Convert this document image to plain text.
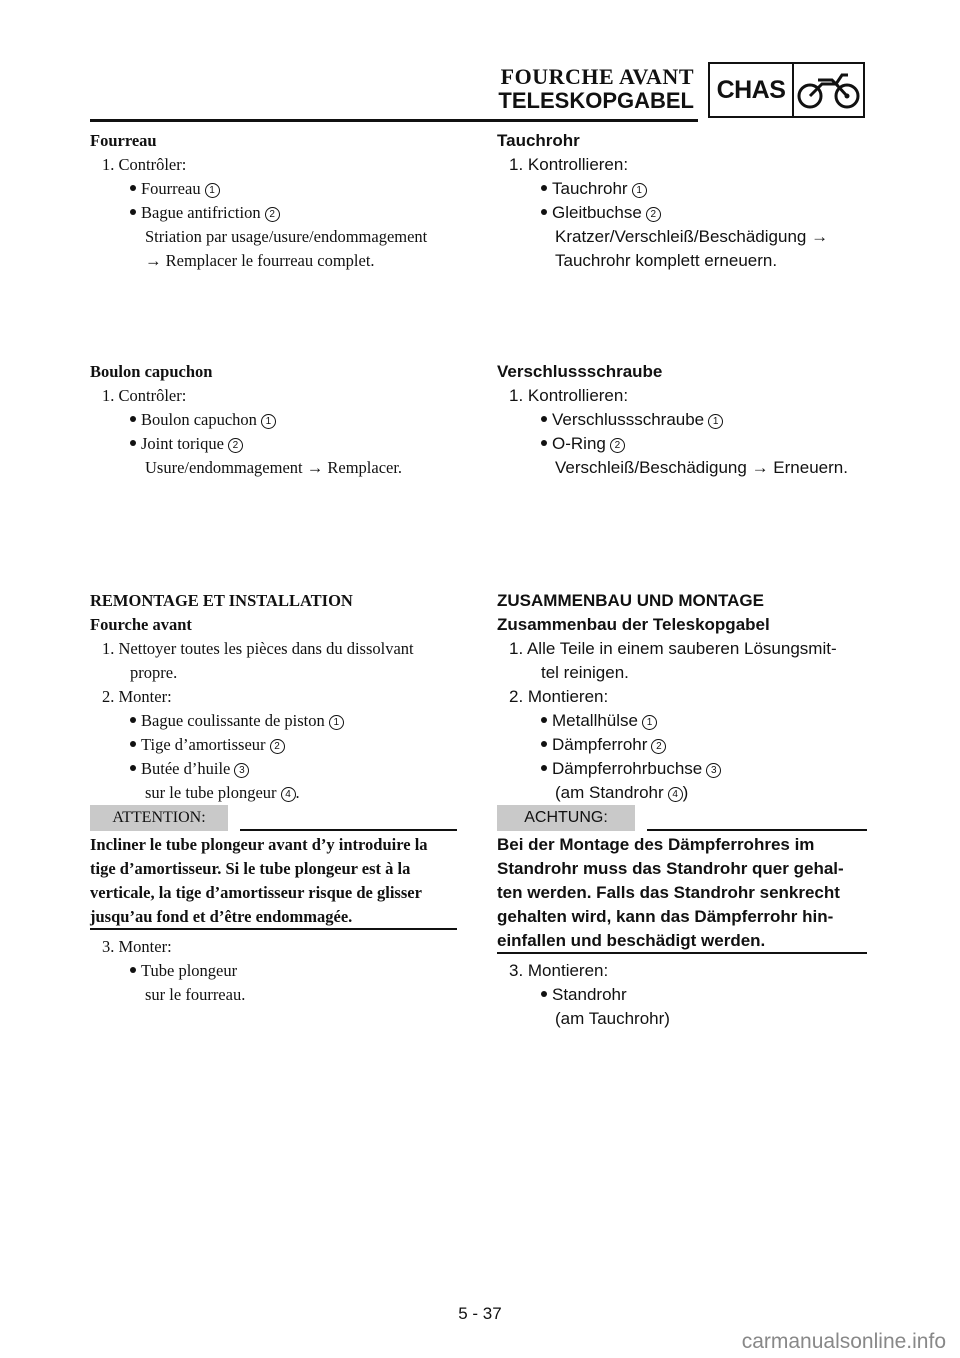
FOURCHE AVANT
TELESKOPGABEL CHAS
Fourreau
1. Contrôler:
Fourreau 1
Bague antifriction 2
Striation par usage/usure/endommagement
→ Remplacer le fourreau complet.
Boulon capuchon
1. Contrôler:
Boulon capuchon 1
Joint torique 2
Usure/endommagement → Remplacer.
REMONTAGE ET INSTALLATION
Fourche avant
1. Nettoyer toutes les pièces dans du dissolvant
propre.
2. Monter:
Bague coulissante de piston 1
Tige d’amortisseur 2
Butée d’huile 3
sur le tube plongeur 4 .
ATTENTION:
Incliner le tube plongeur avant d’y introduire la
tige d’amortisseur. Si le tube plongeur est à la
verticale, la tige d’amortisseur risque de glisser
jusqu’au fond et d’être endommagée.
3. Monter:
Tube plongeur
sur le fourreau.
Tauchrohr
1. Kontrollieren:
Tauchrohr 1
Gleitbuchse 2
Kratzer/Verschleiß/Beschädigung →
Tauchrohr komplett erneuern.
Verschlussschraube
1. Kontrollieren:
Verschlussschraube 1
O-Ring 2
Verschleiß/Beschädigung → Erneuern.
ZUSAMMENBAU UND MONTAGE
Zusammenbau der Teleskopgabel
1. Alle Teile in einem sauberen Lösungsmit-
tel reinigen.
2. Montieren:
Metallhülse 1
Dämpferrohr 2
Dämpferrohrbuchse 3
(am Standrohr 4 )
ACHTUNG:
Bei der Montage des Dämpferrohres im
Standrohr muss das Standrohr quer gehal-
ten werden. Falls das Standrohr senkrecht
gehalten wird, kann das Dämpferrohr hin-
einfallen und beschädigt werden.
3. Montieren:
Standrohr
(am Tauchrohr)
5 - 37
carmanualsonline.info
